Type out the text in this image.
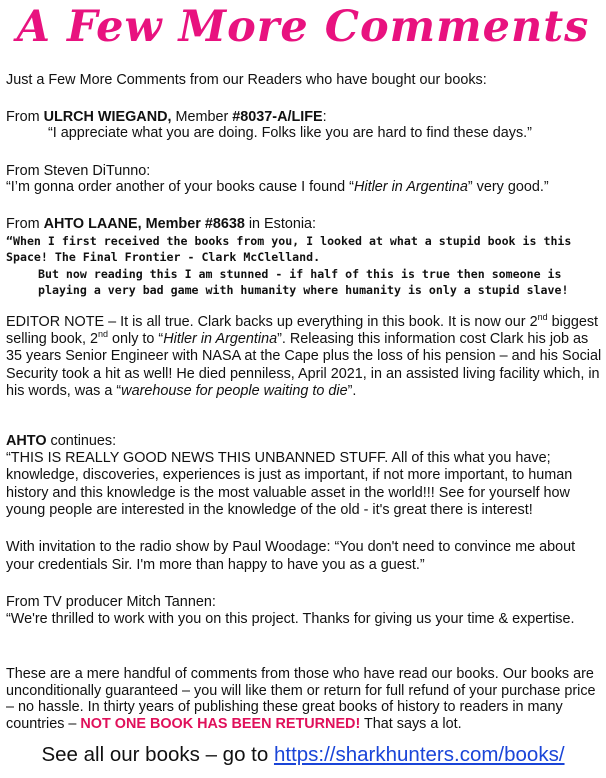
A Few More Comments
Just a Few More Comments from our Readers who have bought our books:
From ULRCH WIEGAND, Member #8037-A/LIFE:
“I appreciate what you are doing. Folks like you are hard to find these days.”
From Steven DiTunno:
“I’m gonna order another of your books cause I found “Hitler in Argentina” very good.”
From AHTO LAANE, Member #8638 in Estonia:
“When I first received the books from you, I looked at what a stupid book is this Space! The Final Frontier - Clark McClelland.
But now reading this I am stunned - if half of this is true then someone is playing a very bad game with humanity where humanity is only a stupid slave!
EDITOR NOTE – It is all true. Clark backs up everything in this book. It is now our 2nd biggest selling book, 2nd only to “Hitler in Argentina”. Releasing this information cost Clark his job as 35 years Senior Engineer with NASA at the Cape plus the loss of his pension – and his Social Security took a hit as well! He died penniless, April 2021, in an assisted living facility which, in his words, was a “warehouse for people waiting to die”.
AHTO continues:
“THIS IS REALLY GOOD NEWS THIS UNBANNED STUFF. All of this what you have; knowledge, discoveries, experiences is just as important, if not more important, to human history and this knowledge is the most valuable asset in the world!!! See for yourself how young people are interested in the knowledge of the old - it's great there is interest!
With invitation to the radio show by Paul Woodage: “You don't need to convince me about your credentials Sir. I'm more than happy to have you as a guest.”
From TV producer Mitch Tannen:
“We're thrilled to work with you on this project. Thanks for giving us your time & expertise.
These are a mere handful of comments from those who have read our books. Our books are unconditionally guaranteed – you will like them or return for full refund of your purchase price – no hassle. In thirty years of publishing these great books of history to readers in many countries – NOT ONE BOOK HAS BEEN RETURNED! That says a lot.
See all our books – go to https://sharkhunters.com/books/
